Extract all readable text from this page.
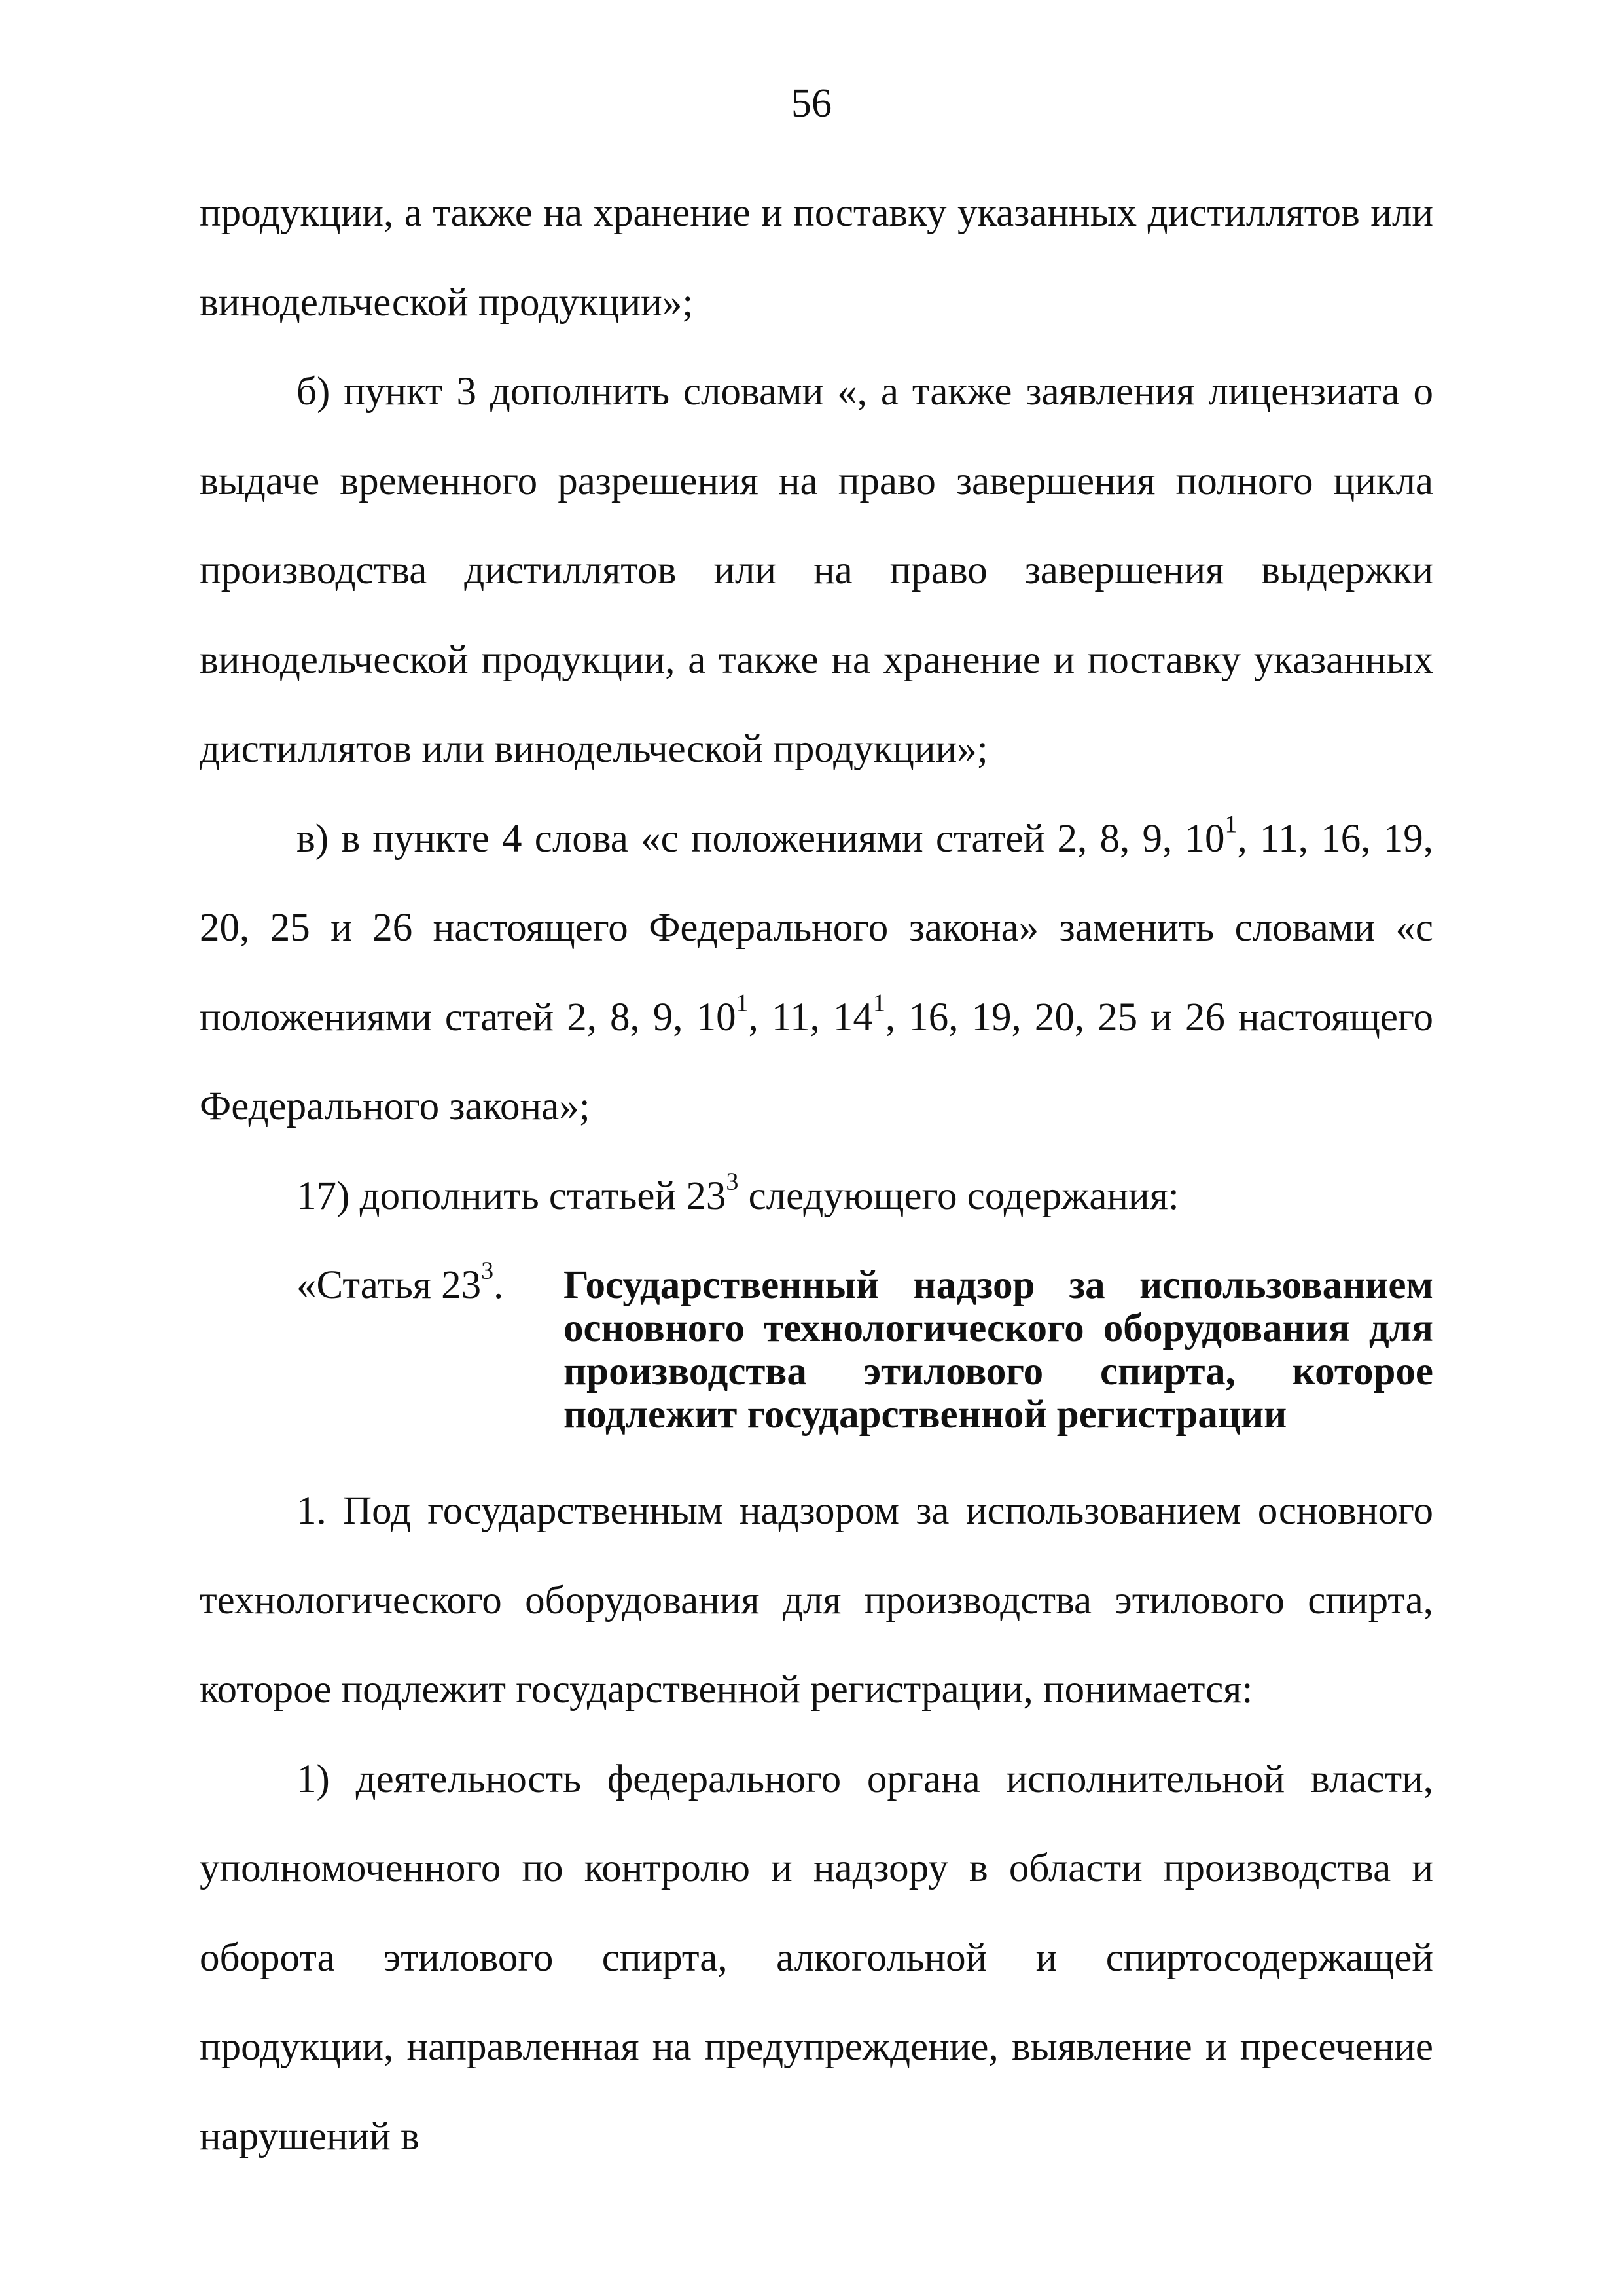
56

продукции, а также на хранение и поставку указанных дистиллятов или винодельческой продукции»;

б) пункт 3 дополнить словами «, а также заявления лицензиата о выдаче временного разрешения на право завершения полного цикла производства дистиллятов или на право завершения выдержки винодельческой продукции, а также на хранение и поставку указанных дистиллятов или винодельческой продукции»;

в) в пункте 4 слова «с положениями статей 2, 8, 9, $10^1$, 11, 16, 19, 20, 25 и 26 настоящего Федерального закона» заменить словами «с положениями статей 2, 8, 9, $10^1$, 11, $14^1$, 16, 19, 20, 25 и 26 настоящего Федерального закона»;

17) дополнить статьей $23^3$ следующего содержания:

«Статья $23^3$.	Государственный надзор за использованием основного технологического оборудования для производства этилового спирта, которое подлежит государственной регистрации

1. Под государственным надзором за использованием основного технологического оборудования для производства этилового спирта, которое подлежит государственной регистрации, понимается:

1) деятельность федерального органа исполнительной власти, уполномоченного по контролю и надзору в области производства и оборота этилового спирта, алкогольной и спиртосодержащей продукции, направленная на предупреждение, выявление и пресечение нарушений в
